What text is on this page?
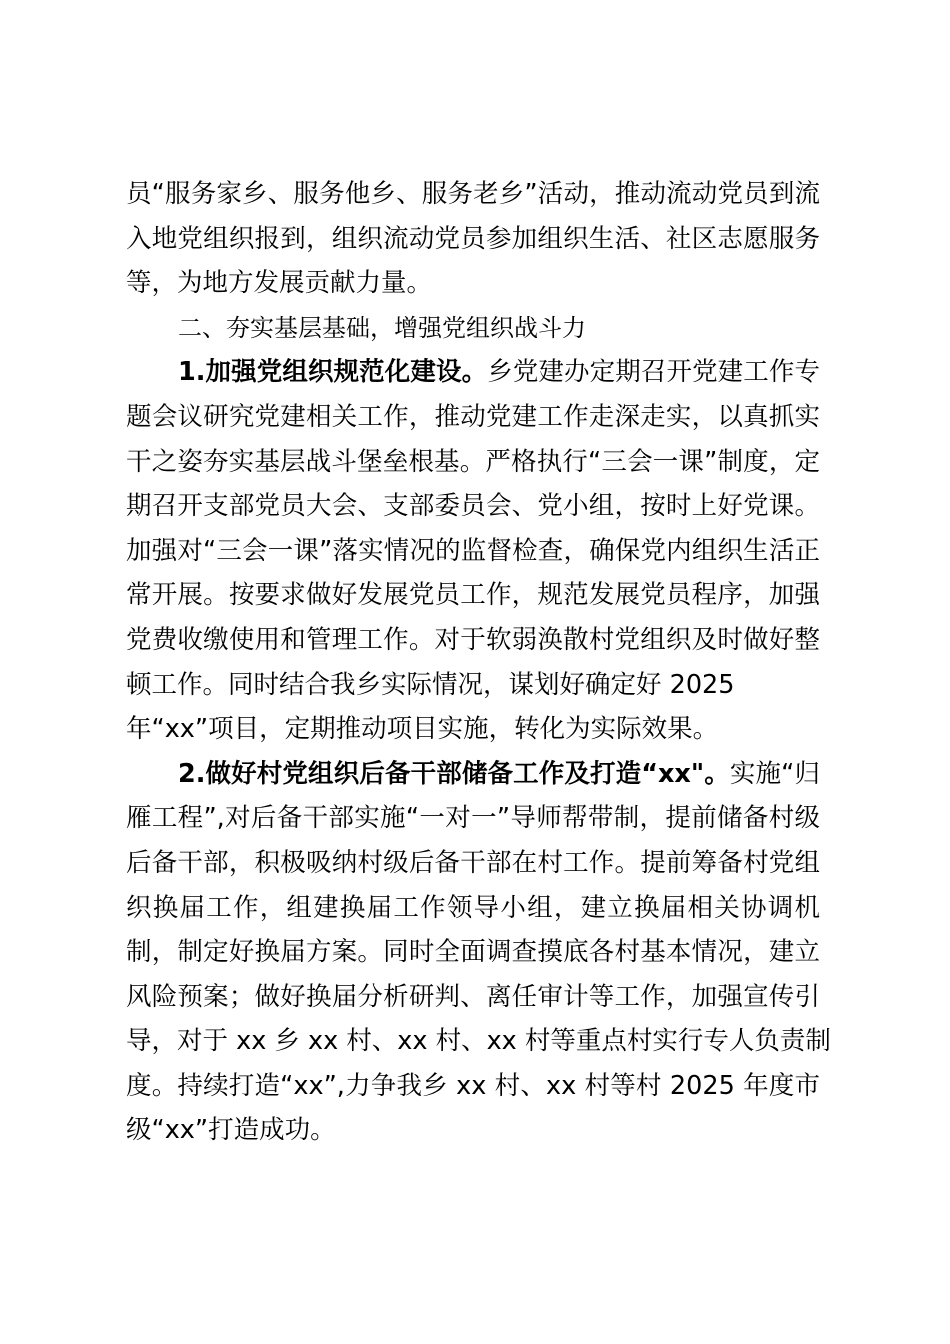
员“服务家乡、服务他乡、服务老乡”活动，推动流动党员到流
入地党组织报到，组织流动党员参加组织生活、社区志愿服务
等，为地方发展贡献力量。
二、夯实基层基础，增强党组织战斗力
1.加强党组织规范化建设。乡党建办定期召开党建工作专
题会议研究党建相关工作，推动党建工作走深走实，以真抓实
干之姿夯实基层战斗堡垒根基。严格执行“三会一课”制度，定
期召开支部党员大会、支部委员会、党小组，按时上好党课。
加强对“三会一课”落实情况的监督检查，确保党内组织生活正
常开展。按要求做好发展党员工作，规范发展党员程序，加强
党费收缴使用和管理工作。对于软弱涣散村党组织及时做好整
顿工作。同时结合我乡实际情况，谋划好确定好 2025
年“xx”项目，定期推动项目实施，转化为实际效果。
2.做好村党组织后备干部储备工作及打造“xx"。实施“归
雁工程”,对后备干部实施“一对一”导师帮带制，提前储备村级
后备干部，积极吸纳村级后备干部在村工作。提前筹备村党组
织换届工作，组建换届工作领导小组，建立换届相关协调机
制，制定好换届方案。同时全面调查摸底各村基本情况，建立
风险预案；做好换届分析研判、离任审计等工作，加强宣传引
导，对于 xx 乡 xx 村、xx 村、xx 村等重点村实行专人负责制
度。持续打造“xx”,力争我乡 xx 村、xx 村等村 2025 年度市
级“xx”打造成功。
